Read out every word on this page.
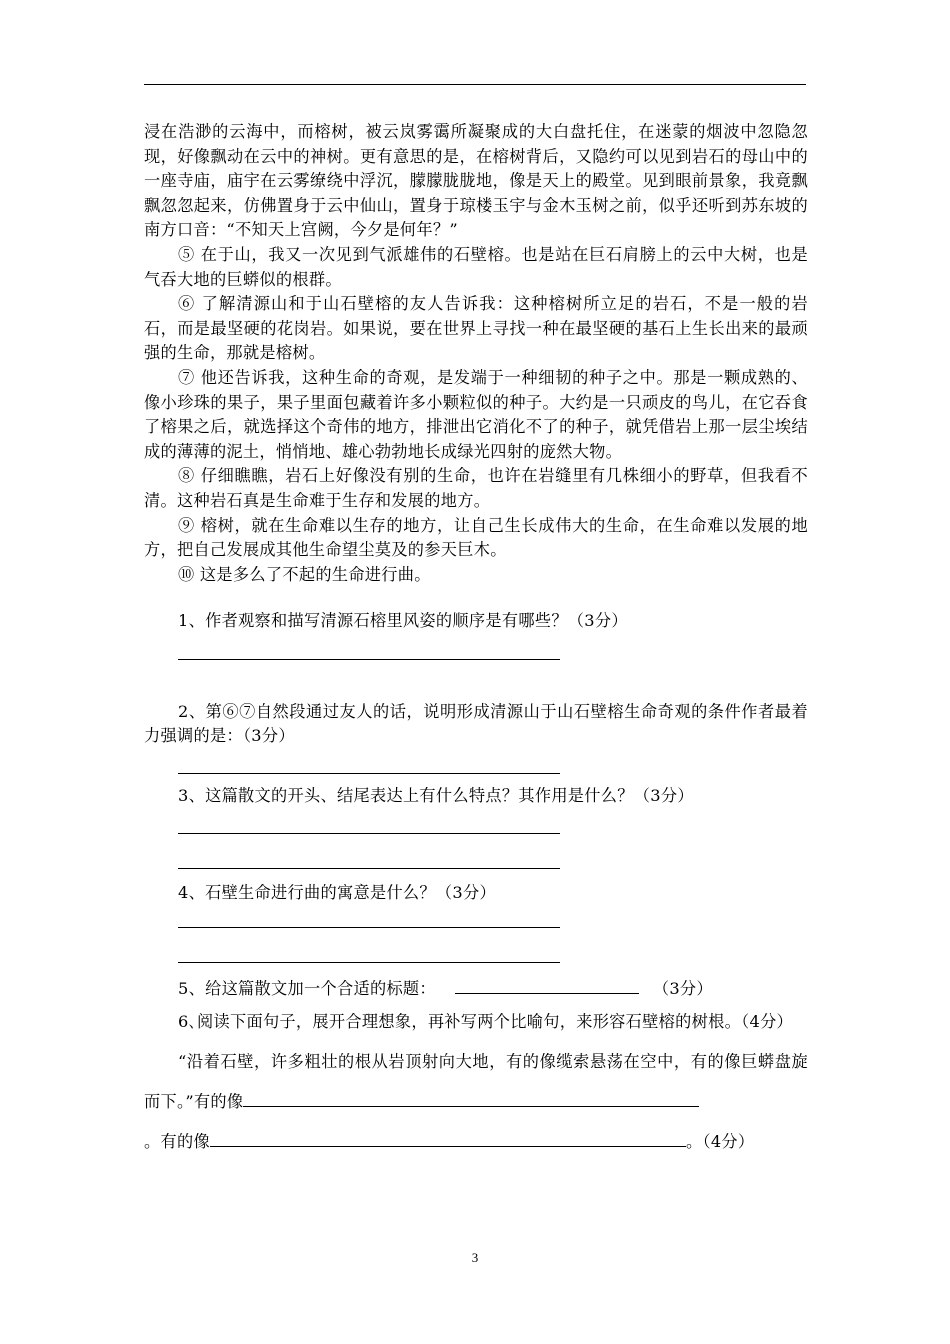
浸在浩渺的云海中，而榕树，被云岚雾霭所凝聚成的大白盘托住，在迷蒙的烟波中忽隐忽现，好像飘动在云中的神树。更有意思的是，在榕树背后，又隐约可以见到岩石的母山中的一座寺庙，庙宇在云雾缭绕中浮沉，朦朦胧胧地，像是天上的殿堂。见到眼前景象，我竟飘飘忽忽起来，仿佛置身于云中仙山，置身于琼楼玉宇与金木玉树之前，似乎还听到苏东坡的南方口音：“不知天上宫阙，今夕是何年？”

⑤ 在于山，我又一次见到气派雄伟的石壁榕。也是站在巨石肩膀上的云中大树，也是气吞大地的巨蟒似的根群。

⑥ 了解清源山和于山石壁榕的友人告诉我：这种榕树所立足的岩石，不是一般的岩石，而是最坚硬的花岗岩。如果说，要在世界上寻找一种在最坚硬的基石上生长出来的最顽强的生命，那就是榕树。

⑦ 他还告诉我，这种生命的奇观，是发端于一种细韧的种子之中。那是一颗成熟的、像小珍珠的果子，果子里面包藏着许多小颗粒似的种子。大约是一只顽皮的鸟儿，在它吞食了榕果之后，就选择这个奇伟的地方，排泄出它消化不了的种子，就凭借岩上那一层尘埃结成的薄薄的泥土，悄悄地、雄心勃勃地长成绿光四射的庞然大物。

⑧ 仔细瞧瞧，岩石上好像没有别的生命，也许在岩缝里有几株细小的野草，但我看不清。这种岩石真是生命难于生存和发展的地方。

⑨ 榕树，就在生命难以生存的地方，让自己生长成伟大的生命，在生命难以发展的地方，把自己发展成其他生命望尘莫及的参天巨木。

⑩ 这是多么了不起的生命进行曲。

1、作者观察和描写清源石榕里风姿的顺序是有哪些？（3分）

2、第⑥⑦自然段通过友人的话，说明形成清源山于山石壁榕生命奇观的条件作者最着力强调的是：（3分）

3、这篇散文的开头、结尾表达上有什么特点？其作用是什么？（3分）

4、石壁生命进行曲的寓意是什么？（3分）

5、给这篇散文加一个合适的标题：	（3分）

6､阅读下面句子，展开合理想象，再补写两个比喻句，来形容石壁榕的树根。（4分）

“沿着石壁，许多粗壮的根从岩顶射向大地，有的像缆索悬荡在空中，有的像巨蟒盘旋而下。”有的像

。有的像	。（4分）

3
